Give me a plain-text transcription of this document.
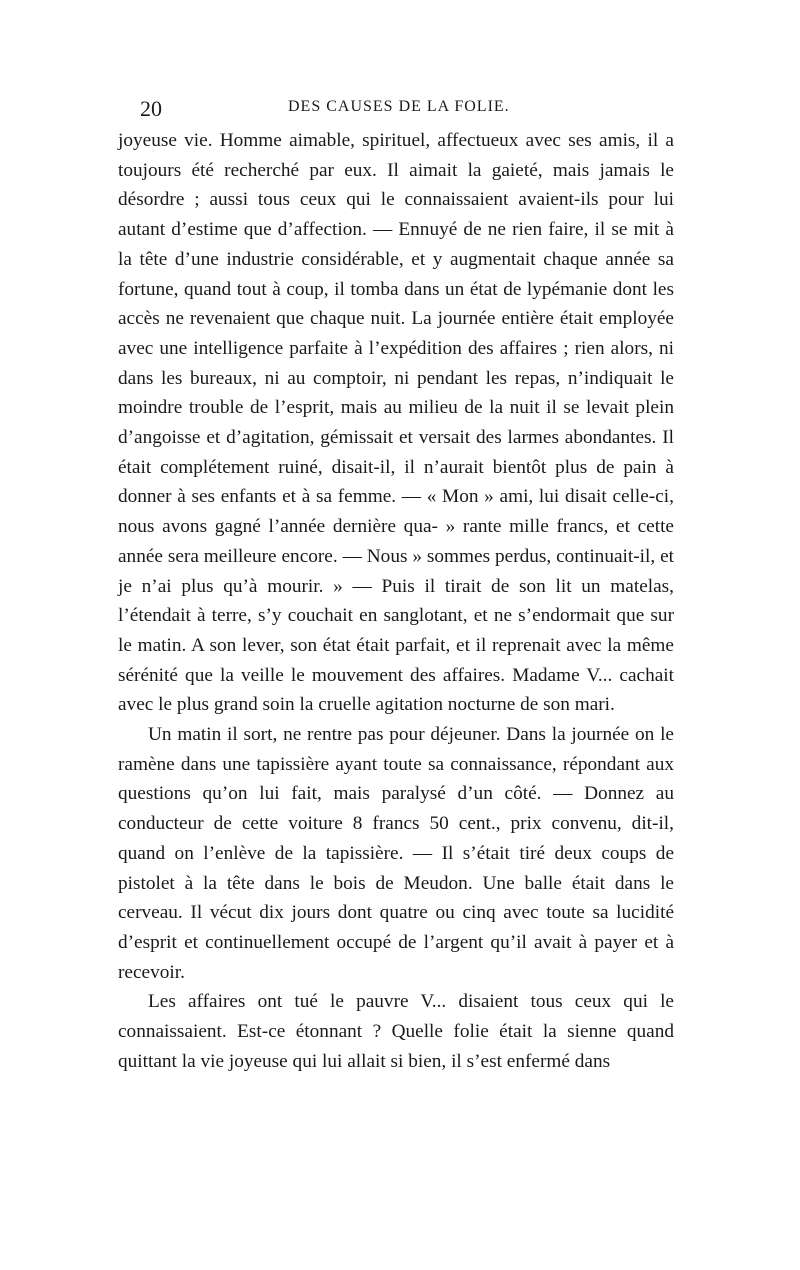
20	DES CAUSES DE LA FOLIE.

joyeuse vie. Homme aimable, spirituel, affectueux avec ses amis, il a toujours été recherché par eux. Il aimait la gaieté, mais jamais le désordre ; aussi tous ceux qui le connaissaient avaient-ils pour lui autant d’estime que d’affection. — Ennuyé de ne rien faire, il se mit à la tête d’une industrie considérable, et y augmentait chaque année sa fortune, quand tout à coup, il tomba dans un état de lypémanie dont les accès ne revenaient que chaque nuit. La journée entière était employée avec une intelligence parfaite à l’expédition des affaires ; rien alors, ni dans les bureaux, ni au comptoir, ni pendant les repas, n’indiquait le moindre trouble de l’esprit, mais au milieu de la nuit il se levait plein d’angoisse et d’agitation, gémissait et versait des larmes abondantes. Il était complétement ruiné, disait-il, il n’aurait bientôt plus de pain à donner à ses enfants et à sa femme. — « Mon » ami, lui disait celle-ci, nous avons gagné l’année dernière qua- » rante mille francs, et cette année sera meilleure encore. — Nous » sommes perdus, continuait-il, et je n’ai plus qu’à mourir. » — Puis il tirait de son lit un matelas, l’étendait à terre, s’y couchait en sanglotant, et ne s’endormait que sur le matin. A son lever, son état était parfait, et il reprenait avec la même sérénité que la veille le mouvement des affaires. Madame V... cachait avec le plus grand soin la cruelle agitation nocturne de son mari.

Un matin il sort, ne rentre pas pour déjeuner. Dans la journée on le ramène dans une tapissière ayant toute sa connaissance, répondant aux questions qu’on lui fait, mais paralysé d’un côté. — Donnez au conducteur de cette voiture 8 francs 50 cent., prix convenu, dit-il, quand on l’enlève de la tapissière. — Il s’était tiré deux coups de pistolet à la tête dans le bois de Meudon. Une balle était dans le cerveau. Il vécut dix jours dont quatre ou cinq avec toute sa lucidité d’esprit et continuellement occupé de l’argent qu’il avait à payer et à recevoir.

Les affaires ont tué le pauvre V... disaient tous ceux qui le connaissaient. Est-ce étonnant ? Quelle folie était la sienne quand quittant la vie joyeuse qui lui allait si bien, il s’est enfermé dans
